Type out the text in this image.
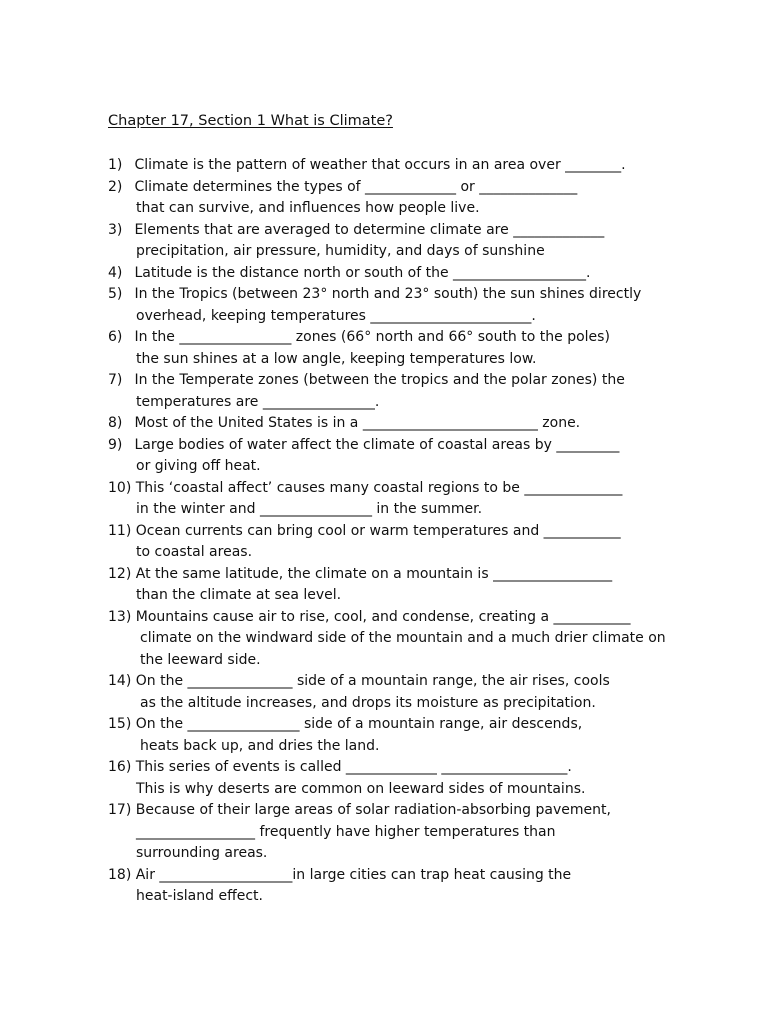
Chapter 17, Section 1 What is Climate?
1) Climate is the pattern of weather that occurs in an area over ________.
2) Climate determines the types of _____________ or ______________
that can survive, and influences how people live.
3) Elements that are averaged to determine climate are _____________
precipitation, air pressure, humidity, and days of sunshine
4) Latitude is the distance north or south of the ___________________.
5) In the Tropics (between 23° north and 23° south) the sun shines directly
overhead, keeping temperatures _______________________.
6) In the ________________ zones (66° north and 66° south to the poles)
the sun shines at a low angle, keeping temperatures low.
7) In the Temperate zones (between the tropics and the polar zones) the
temperatures are ________________.
8) Most of the United States is in a _________________________ zone.
9) Large bodies of water affect the climate of coastal areas by _________
or giving off heat.
10) This ‘coastal affect’ causes many coastal regions to be ______________
in the winter and ________________ in the summer.
11) Ocean currents can bring cool or warm temperatures and ___________
to coastal areas.
12) At the same latitude, the climate on a mountain is _________________
than the climate at sea level.
13) Mountains cause air to rise, cool, and condense, creating a ___________
climate on the windward side of the mountain and a much drier climate on
the leeward side.
14) On the _______________ side of a mountain range, the air rises, cools
as the altitude increases, and drops its moisture as precipitation.
15) On the ________________ side of a mountain range, air descends,
heats back up, and dries the land.
16) This series of events is called _____________ __________________.
This is why deserts are common on leeward sides of mountains.
17) Because of their large areas of solar radiation-absorbing pavement,
_________________ frequently have higher temperatures than
surrounding areas.
18) Air ___________________in large cities can trap heat causing the
heat-island effect.
